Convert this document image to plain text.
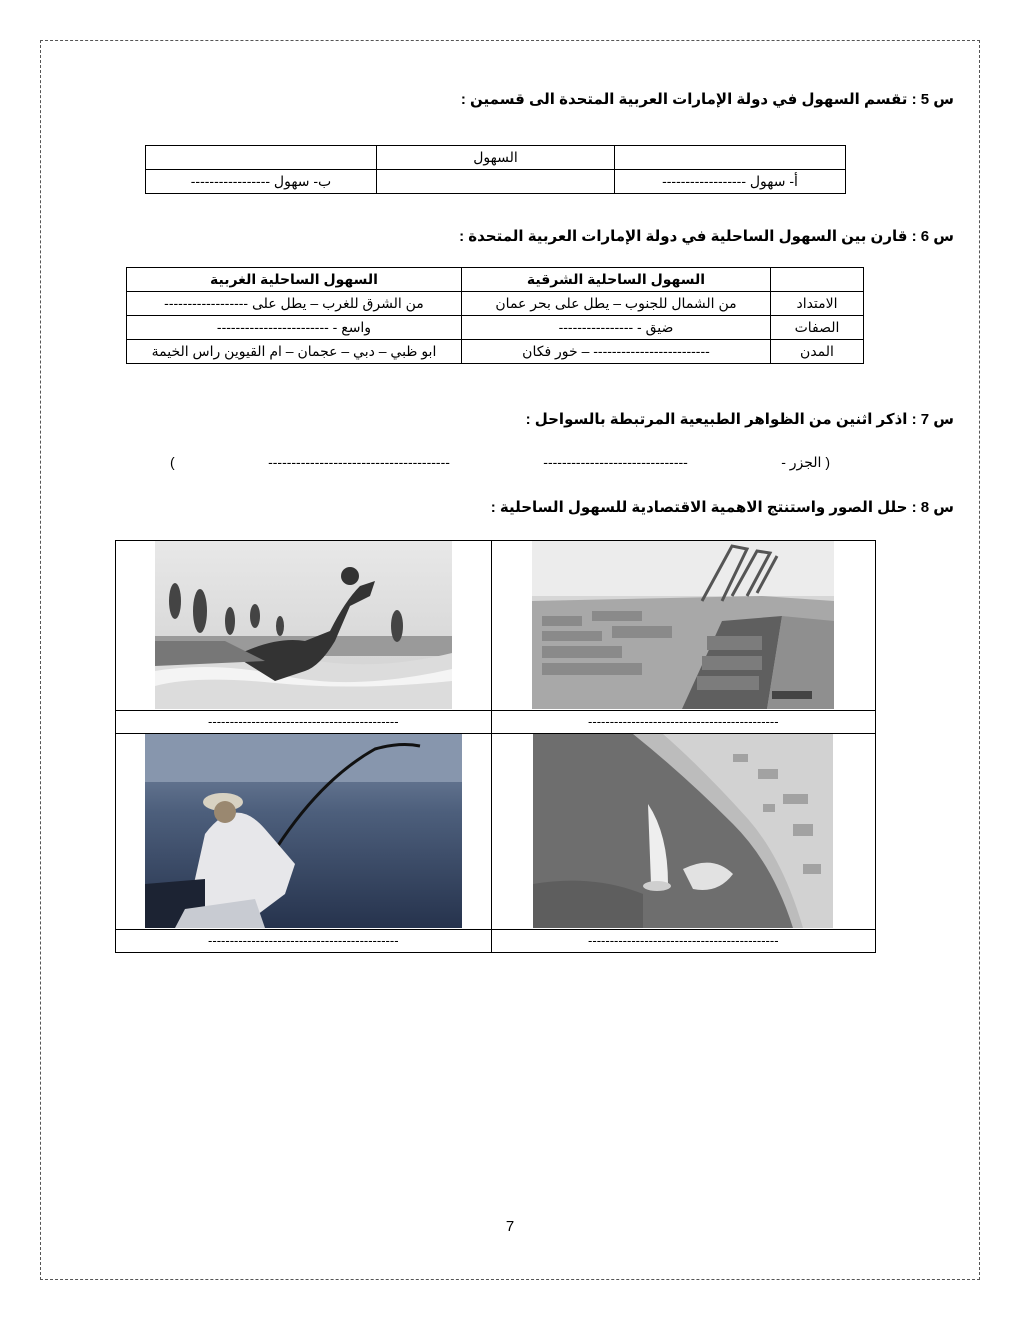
س 5 : تقسم السهول في دولة الإمارات العربية المتحدة الى قسمين :
	السهول	
أ- سهول ------------------		ب- سهول -----------------
س 6 : قارن بين السهول الساحلية في دولة الإمارات العربية المتحدة :
	السهول الساحلية الشرقية	السهول الساحلية الغربية
الامتداد	من الشمال للجنوب – يطل على بحر عمان	من الشرق للغرب – يطل على ------------------
الصفات	ضيق - ----------------	واسع - ------------------------
المدن	------------------------- – خور فكان	ابو ظبي – دبي – عجمان – ام القيوين راس الخيمة
س 7 : اذكر اثنين من الظواهر الطبيعية المرتبطة بالسواحل :
( الجزر -
-------------------------------
---------------------------------------
)
س 8 : حلل الصور واستنتج الاهمية الاقتصادية للسهول الساحلية :

--------------------------------------------	--------------------------------------------

--------------------------------------------	--------------------------------------------
7
